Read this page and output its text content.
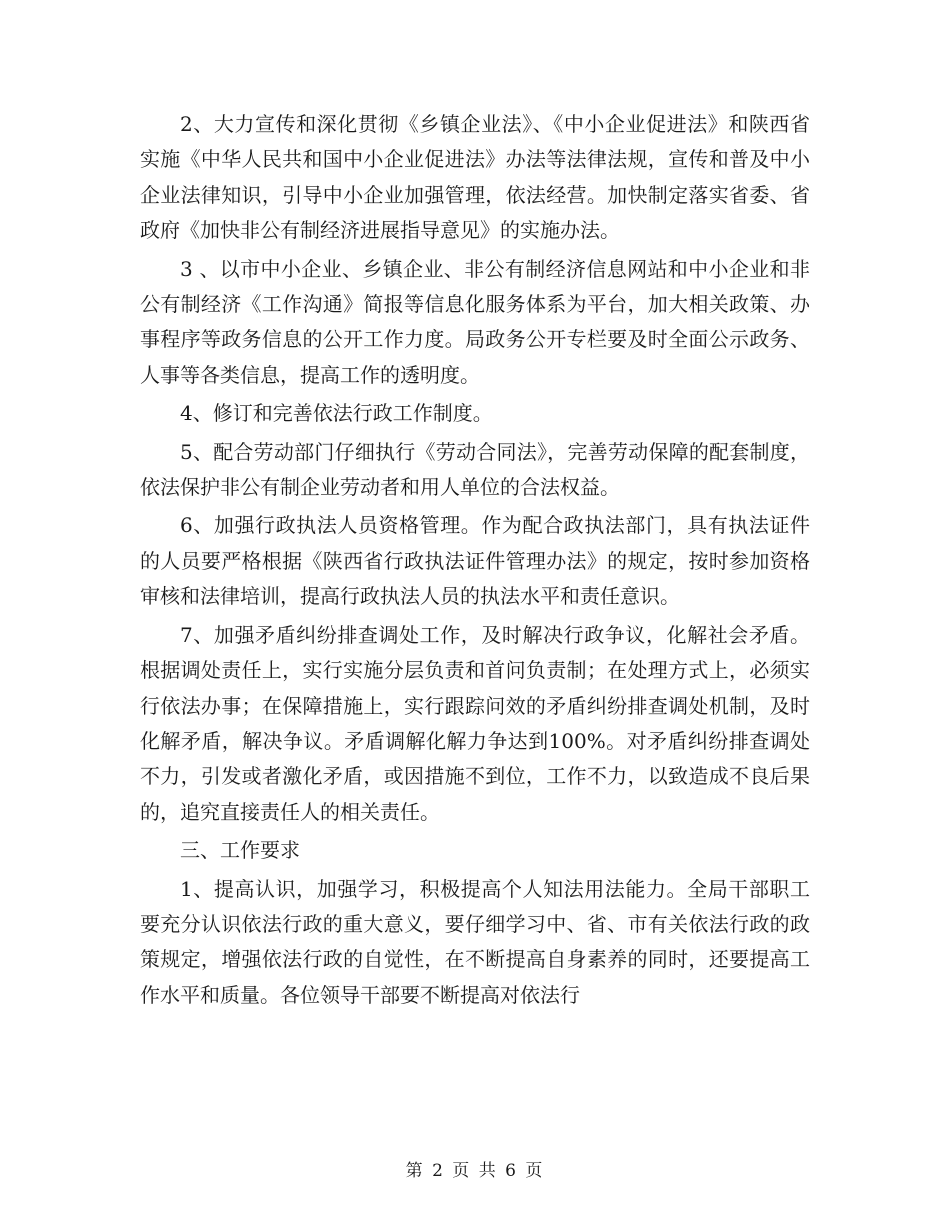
2、大力宣传和深化贯彻《乡镇企业法》、《中小企业促进法》和陕西省实施《中华人民共和国中小企业促进法》办法等法律法规，宣传和普及中小企业法律知识，引导中小企业加强管理，依法经营。加快制定落实省委、省政府《加快非公有制经济进展指导意见》的实施办法。

3 、以市中小企业、乡镇企业、非公有制经济信息网站和中小企业和非公有制经济《工作沟通》简报等信息化服务体系为平台，加大相关政策、办事程序等政务信息的公开工作力度。局政务公开专栏要及时全面公示政务、人事等各类信息，提高工作的透明度。

4、修订和完善依法行政工作制度。

5、配合劳动部门仔细执行《劳动合同法》，完善劳动保障的配套制度，依法保护非公有制企业劳动者和用人单位的合法权益。

6、加强行政执法人员资格管理。作为配合政执法部门，具有执法证件的人员要严格根据《陕西省行政执法证件管理办法》的规定，按时参加资格审核和法律培训，提高行政执法人员的执法水平和责任意识。

7、加强矛盾纠纷排查调处工作，及时解决行政争议，化解社会矛盾。根据调处责任上，实行实施分层负责和首问负责制；在处理方式上，必须实行依法办事；在保障措施上，实行跟踪问效的矛盾纠纷排查调处机制，及时化解矛盾，解决争议。矛盾调解化解力争达到100%。对矛盾纠纷排查调处不力，引发或者激化矛盾，或因措施不到位，工作不力，以致造成不良后果的，追究直接责任人的相关责任。

三、工作要求

1、提高认识，加强学习，积极提高个人知法用法能力。全局干部职工要充分认识依法行政的重大意义，要仔细学习中、省、市有关依法行政的政策规定，增强依法行政的自觉性，在不断提高自身素养的同时，还要提高工作水平和质量。各位领导干部要不断提高对依法行

第 2 页 共 6 页
